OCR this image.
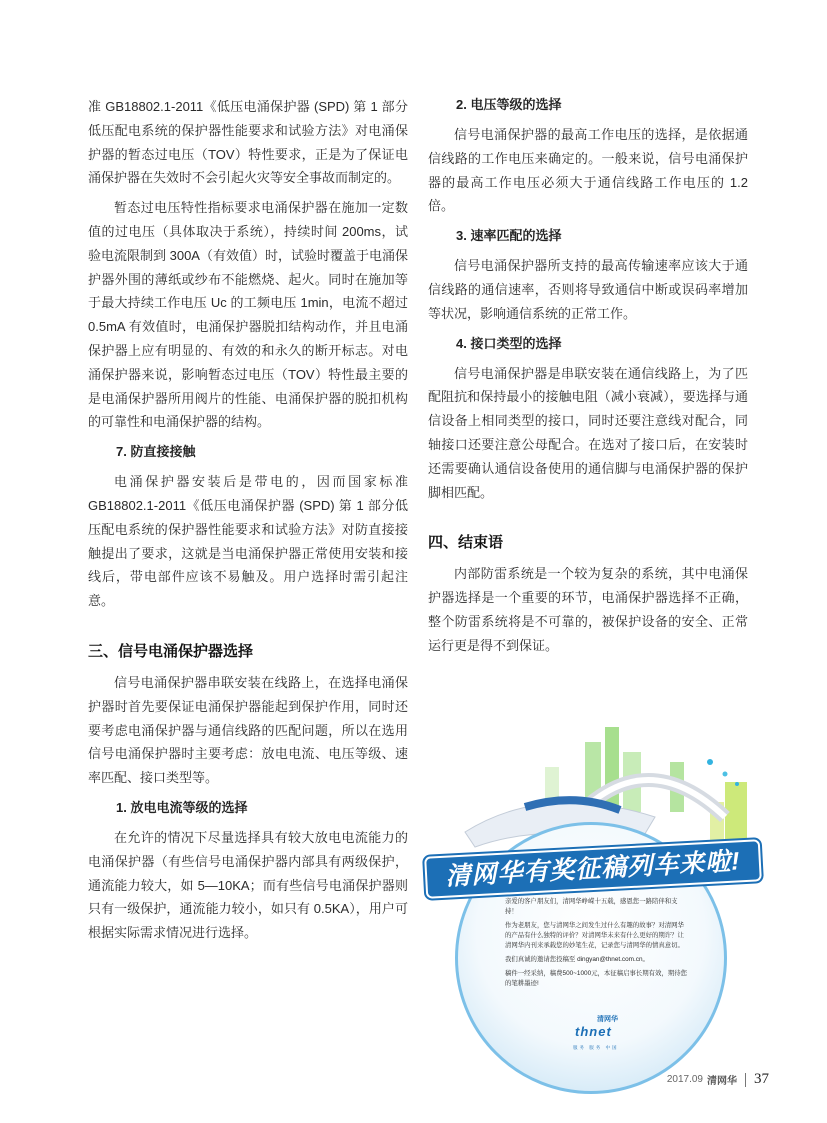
准 GB18802.1-2011《低压电涌保护器 (SPD) 第 1 部分低压配电系统的保护器性能要求和试验方法》对电涌保护器的暂态过电压（TOV）特性要求，正是为了保证电涌保护器在失效时不会引起火灾等安全事故而制定的。

暂态过电压特性指标要求电涌保护器在施加一定数值的过电压（具体取决于系统），持续时间 200ms，试验电流限制到 300A（有效值）时，试验时覆盖于电涌保护器外围的薄纸或纱布不能燃烧、起火。同时在施加等于最大持续工作电压 Uc 的工频电压 1min，电流不超过 0.5mA 有效值时，电涌保护器脱扣结构动作，并且电涌保护器上应有明显的、有效的和永久的断开标志。对电涌保护器来说，影响暂态过电压（TOV）特性最主要的是电涌保护器所用阀片的性能、电涌保护器的脱扣机构的可靠性和电涌保护器的结构。

7. 防直接接触

电涌保护器安装后是带电的，因而国家标准 GB18802.1-2011《低压电涌保护器 (SPD) 第 1 部分低压配电系统的保护器性能要求和试验方法》对防直接接触提出了要求，这就是当电涌保护器正常使用安装和接线后，带电部件应该不易触及。用户选择时需引起注意。

三、信号电涌保护器选择

信号电涌保护器串联安装在线路上，在选择电涌保护器时首先要保证电涌保护器能起到保护作用，同时还要考虑电涌保护器与通信线路的匹配问题，所以在选用信号电涌保护器时主要考虑：放电电流、电压等级、速率匹配、接口类型等。

1. 放电电流等级的选择

在允许的情况下尽量选择具有较大放电电流能力的电涌保护器（有些信号电涌保护器内部具有两级保护，通流能力较大，如 5—10KA；而有些信号电涌保护器则只有一级保护，通流能力较小，如只有 0.5KA），用户可根据实际需求情况进行选择。

2. 电压等级的选择

信号电涌保护器的最高工作电压的选择，是依据通信线路的工作电压来确定的。一般来说，信号电涌保护器的最高工作电压必须大于通信线路工作电压的 1.2 倍。

3. 速率匹配的选择

信号电涌保护器所支持的最高传输速率应该大于通信线路的通信速率，否则将导致通信中断或误码率增加等状况，影响通信系统的正常工作。

4. 接口类型的选择

信号电涌保护器是串联安装在通信线路上，为了匹配阻抗和保持最小的接触电阻（减小衰减），要选择与通信设备上相同类型的接口，同时还要注意线对配合，同轴接口还要注意公母配合。在选对了接口后，在安装时还需要确认通信设备使用的通信脚与电涌保护器的保护脚相匹配。

四、结束语

内部防雷系统是一个较为复杂的系统，其中电涌保护器选择是一个重要的环节，电涌保护器选择不正确，整个防雷系统将是不可靠的，被保护设备的安全、正常运行更是得不到保证。

清网华有奖征稿列车来啦!

亲爱的客户朋友们，清网华峥嵘十五载，感恩您一路陪伴和支持！

作为老朋友，您与清网华之间发生过什么有趣的故事？对清网华的产品有什么独特的评价？对清网华未来有什么更好的期许？让清网华内刊来承载您的妙笔生花，记录您与清网华的情真意切。

我们真诚的邀请您投稿至 dingyan@thnet.com.cn。

稿件一经采纳，稿费500~1000元，本征稿启事长期有效，期待您的笔耕墨迹!

清网华
thnet
服务 服务 中国
2017.09 清网华 37
